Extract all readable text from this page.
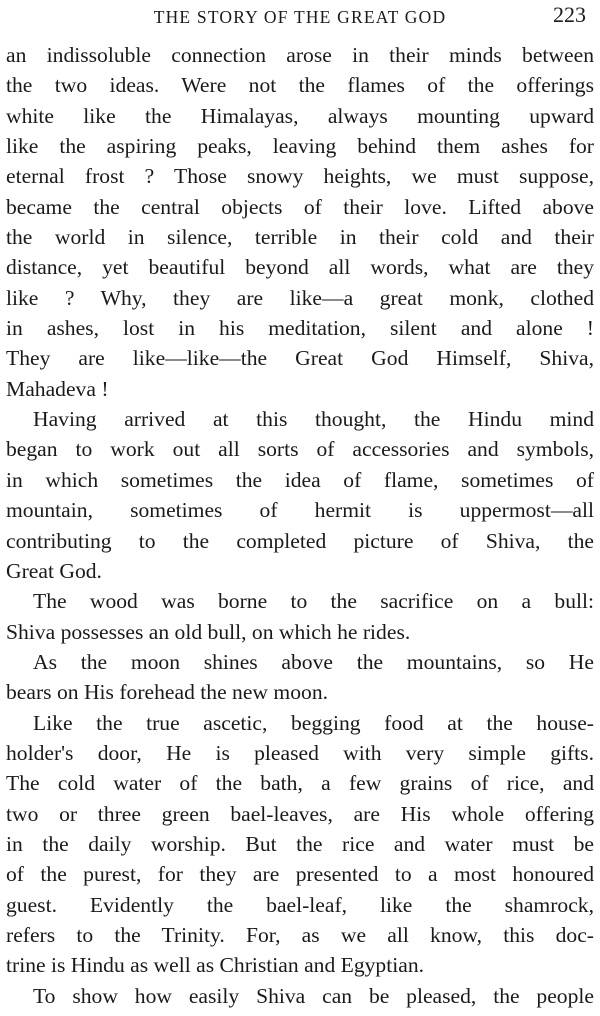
THE STORY OF THE GREAT GOD	223
an indissoluble connection arose in their minds between
the two ideas. Were not the flames of the offerings
white like the Himalayas, always mounting upward
like the aspiring peaks, leaving behind them ashes for
eternal frost ? Those snowy heights, we must suppose,
became the central objects of their love. Lifted above
the world in silence, terrible in their cold and their
distance, yet beautiful beyond all words, what are they
like ? Why, they are like—a great monk, clothed
in ashes, lost in his meditation, silent and alone !
They are like—like—the Great God Himself, Shiva,
Mahadeva !
Having arrived at this thought, the Hindu mind
began to work out all sorts of accessories and symbols,
in which sometimes the idea of flame, sometimes of
mountain, sometimes of hermit is uppermost—all
contributing to the completed picture of Shiva, the
Great God.
The wood was borne to the sacrifice on a bull:
Shiva possesses an old bull, on which he rides.
As the moon shines above the mountains, so He
bears on His forehead the new moon.
Like the true ascetic, begging food at the house-
holder's door, He is pleased with very simple gifts.
The cold water of the bath, a few grains of rice, and
two or three green bael-leaves, are His whole offering
in the daily worship. But the rice and water must be
of the purest, for they are presented to a most honoured
guest. Evidently the bael-leaf, like the shamrock,
refers to the Trinity. For, as we all know, this doc-
trine is Hindu as well as Christian and Egyptian.
To show how easily Shiva can be pleased, the people
